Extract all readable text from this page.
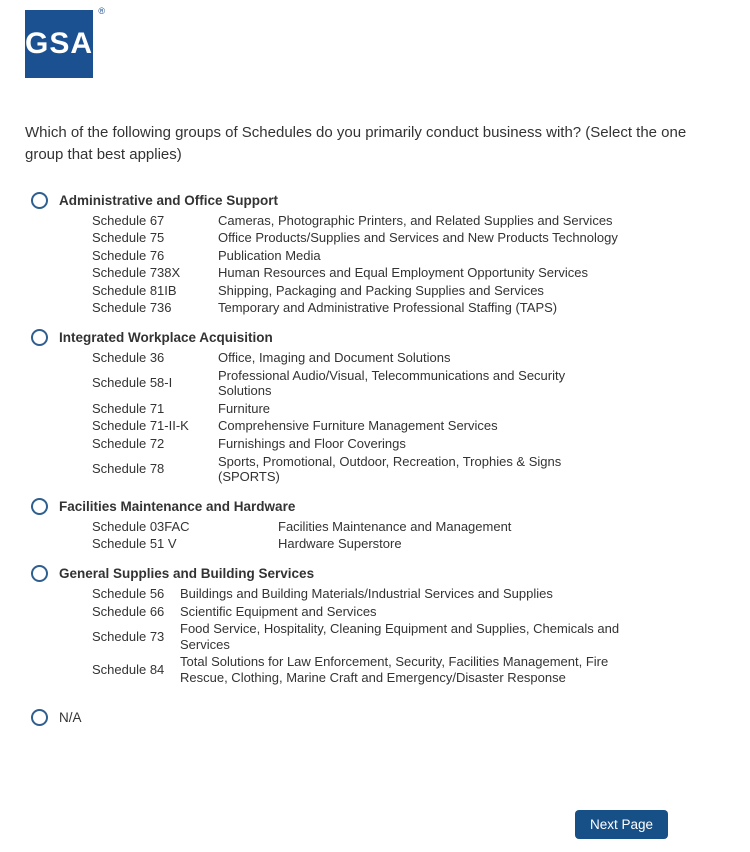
GSA
®
Which of the following groups of Schedules do you primarily conduct business with? (Select the one group that best applies)
Administrative and Office Support
Schedule 67	Cameras, Photographic Printers, and Related Supplies and Services
Schedule 75	Office Products/Supplies and Services and New Products Technology
Schedule 76	Publication Media
Schedule 738X	Human Resources and Equal Employment Opportunity Services
Schedule 81IB	Shipping, Packaging and Packing Supplies and Services
Schedule 736	Temporary and Administrative Professional Staffing (TAPS)
Integrated Workplace Acquisition
Schedule 36	Office, Imaging and Document Solutions
Schedule 58-I	Professional Audio/Visual, Telecommunications and Security Solutions
Schedule 71	Furniture
Schedule 71-II-K	Comprehensive Furniture Management Services
Schedule 72	Furnishings and Floor Coverings
Schedule 78	Sports, Promotional, Outdoor, Recreation, Trophies & Signs (SPORTS)
Facilities Maintenance and Hardware
Schedule 03FAC	Facilities Maintenance and Management
Schedule 51 V	Hardware Superstore
General Supplies and Building Services
Schedule 56	Buildings and Building Materials/Industrial Services and Supplies
Schedule 66	Scientific Equipment and Services
Schedule 73	Food Service, Hospitality, Cleaning Equipment and Supplies, Chemicals and Services
Schedule 84	Total Solutions for Law Enforcement, Security, Facilities Management, Fire Rescue, Clothing, Marine Craft and Emergency/Disaster Response
N/A
Next Page
